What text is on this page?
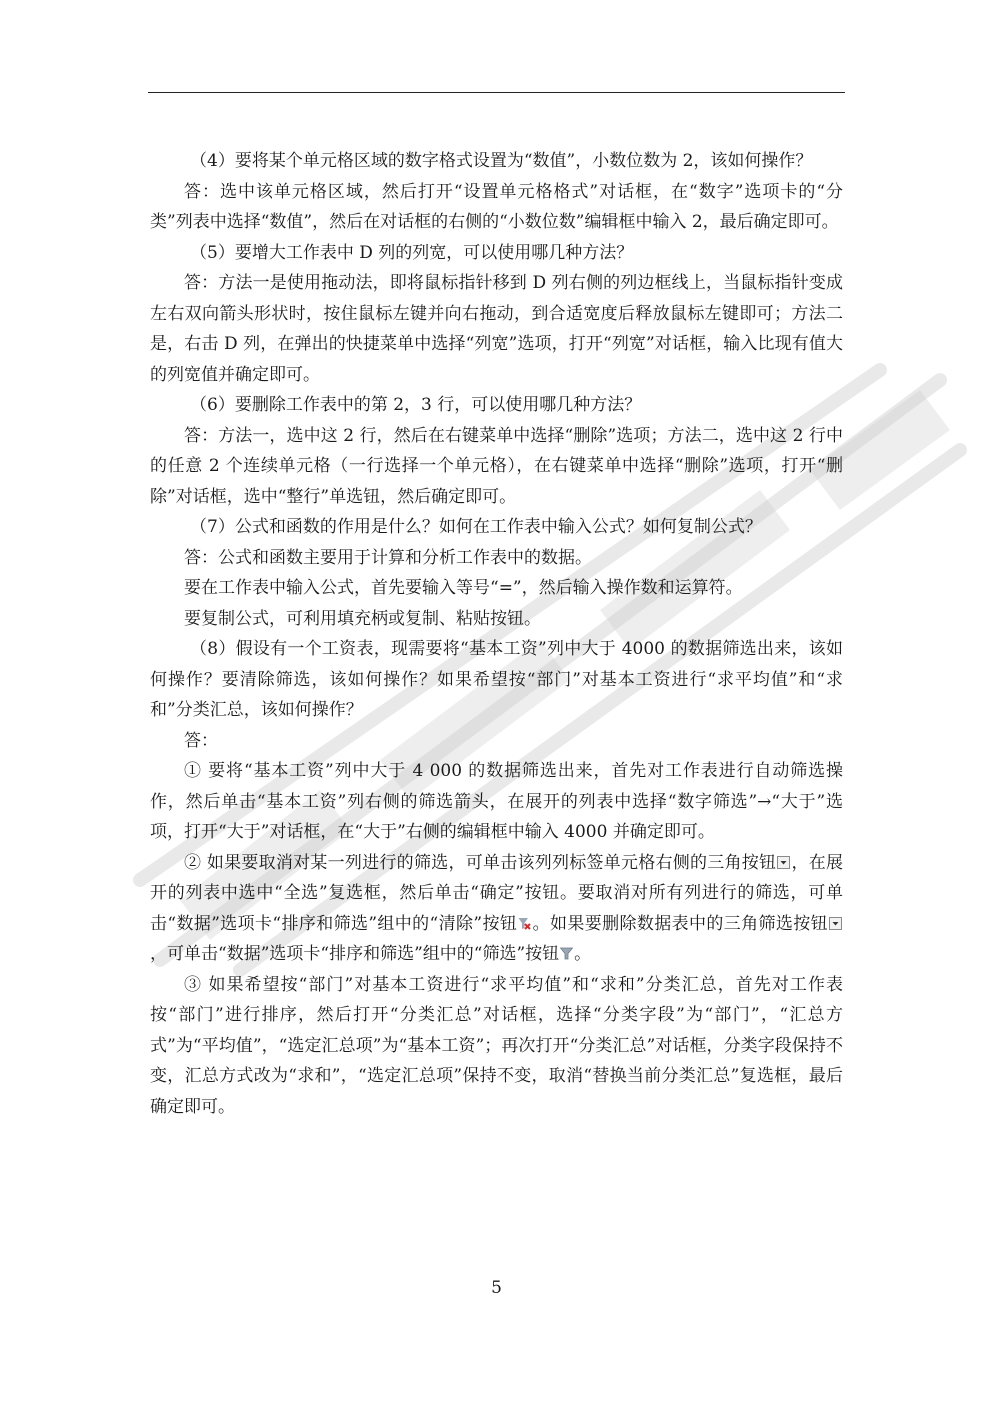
（4）要将某个单元格区域的数字格式设置为“数值”，小数位数为 2，该如何操作？

答：选中该单元格区域，然后打开“设置单元格格式”对话框，在“数字”选项卡的“分类”列表中选择“数值”，然后在对话框的右侧的“小数位数”编辑框中输入 2，最后确定即可。

（5）要增大工作表中 D 列的列宽，可以使用哪几种方法？

答：方法一是使用拖动法，即将鼠标指针移到 D 列右侧的列边框线上，当鼠标指针变成左右双向箭头形状时，按住鼠标左键并向右拖动，到合适宽度后释放鼠标左键即可；方法二是，右击 D 列，在弹出的快捷菜单中选择“列宽”选项，打开“列宽”对话框，输入比现有值大的列宽值并确定即可。

（6）要删除工作表中的第 2，3 行，可以使用哪几种方法？

答：方法一，选中这 2 行，然后在右键菜单中选择“删除”选项；方法二，选中这 2 行中的任意 2 个连续单元格（一行选择一个单元格），在右键菜单中选择“删除”选项，打开“删除”对话框，选中“整行”单选钮，然后确定即可。

（7）公式和函数的作用是什么？如何在工作表中输入公式？如何复制公式？

答：公式和函数主要用于计算和分析工作表中的数据。

要在工作表中输入公式，首先要输入等号“=”，然后输入操作数和运算符。

要复制公式，可利用填充柄或复制、粘贴按钮。

（8）假设有一个工资表，现需要将“基本工资”列中大于 4000 的数据筛选出来，该如何操作？要清除筛选，该如何操作？如果希望按“部门”对基本工资进行“求平均值”和“求和”分类汇总，该如何操作？

答：

① 要将“基本工资”列中大于 4 000 的数据筛选出来，首先对工作表进行自动筛选操作，然后单击“基本工资”列右侧的筛选箭头，在展开的列表中选择“数字筛选”→“大于”选项，打开“大于”对话框，在“大于”右侧的编辑框中输入 4000 并确定即可。

② 如果要取消对某一列进行的筛选，可单击该列列标签单元格右侧的三角按钮 ，在展开的列表中选中“全选”复选框，然后单击“确定”按钮。要取消对所有列进行的筛选，可单击“数据”选项卡“排序和筛选”组中的“清除”按钮 。如果要删除数据表中的三角筛选按钮，可单击“数据”选项卡“排序和筛选”组中的“筛选”按钮 。

③ 如果希望按“部门”对基本工资进行“求平均值”和“求和”分类汇总，首先对工作表按“部门”进行排序，然后打开“分类汇总”对话框，选择“分类字段”为“部门”，“汇总方式”为“平均值”，“选定汇总项”为“基本工资”；再次打开“分类汇总”对话框，分类字段保持不变，汇总方式改为“求和”，“选定汇总项”保持不变，取消“替换当前分类汇总”复选框，最后确定即可。

5
